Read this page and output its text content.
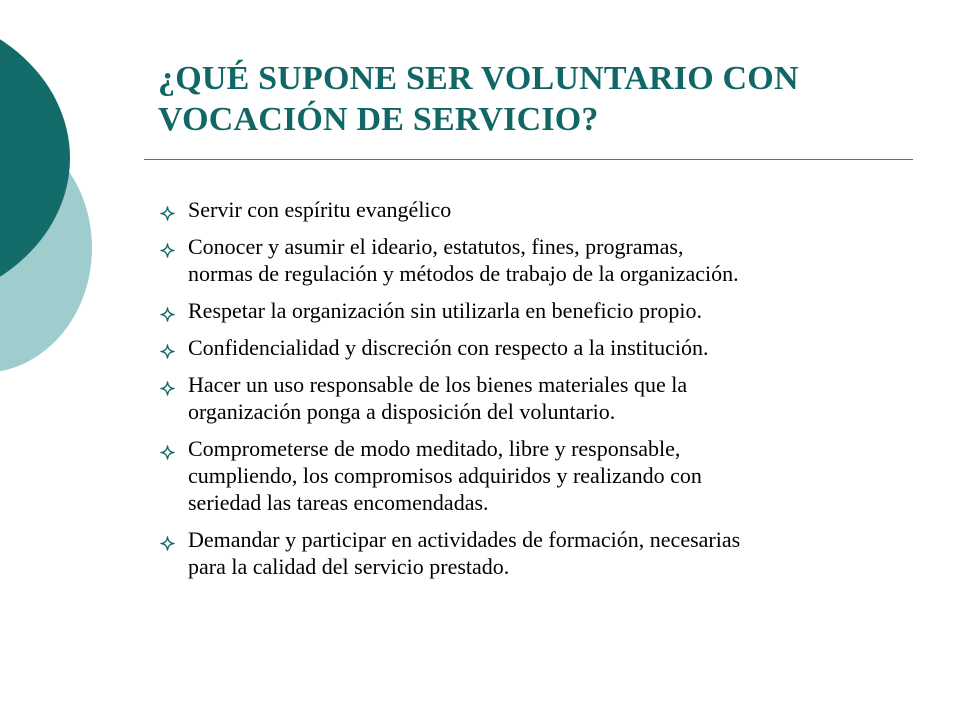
¿QUÉ SUPONE SER VOLUNTARIO CON
VOCACIÓN DE SERVICIO?
Servir con espíritu evangélico
Conocer y asumir el ideario, estatutos, fines, programas,
normas de regulación y métodos de trabajo de la organización.
Respetar la organización sin utilizarla en beneficio propio.
Confidencialidad y discreción con respecto a la institución.
Hacer un uso responsable de los bienes materiales que la
organización ponga a disposición del voluntario.
Comprometerse de modo meditado, libre y responsable,
cumpliendo, los compromisos adquiridos y realizando con
seriedad las tareas encomendadas.
Demandar y participar en actividades de formación, necesarias
para la calidad del servicio prestado.
